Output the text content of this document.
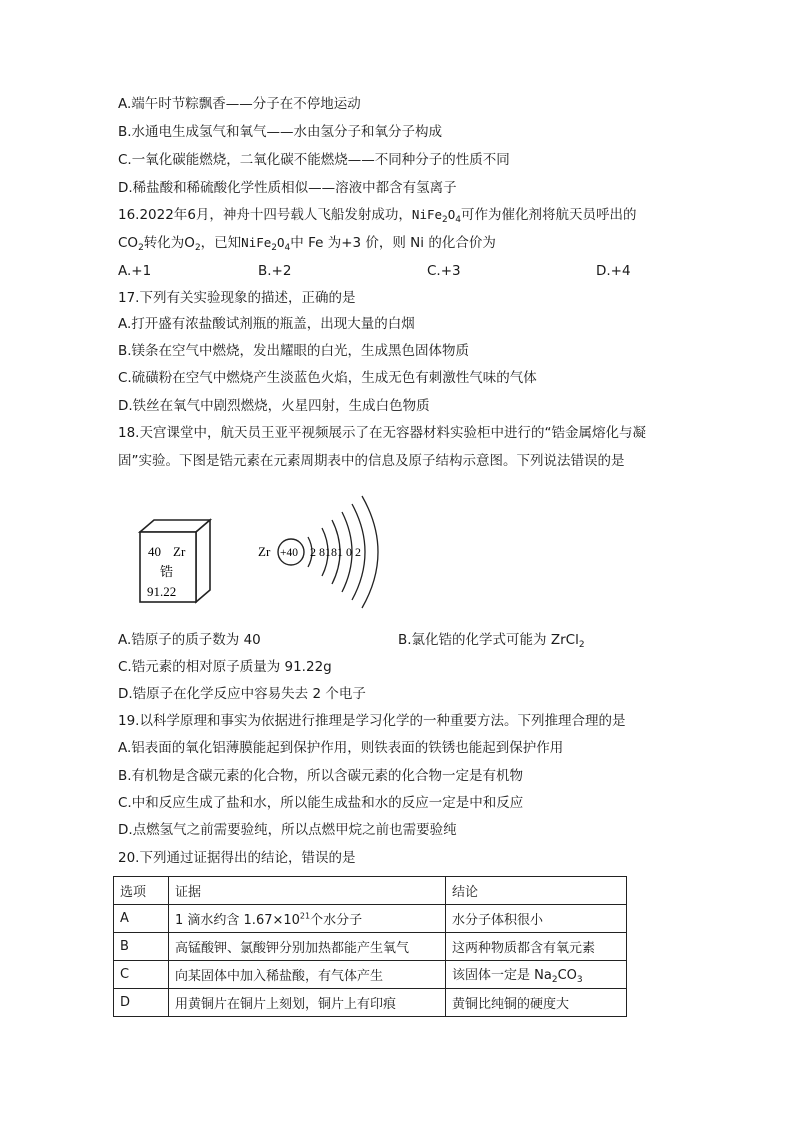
A.端午时节粽飘香——分子在不停地运动
B.水通电生成氢气和氧气——水由氢分子和氧分子构成
C.一氧化碳能燃烧，二氧化碳不能燃烧——不同种分子的性质不同
D.稀盐酸和稀硫酸化学性质相似——溶液中都含有氢离子
16.2022年6月，神舟十四号载人飞船发射成功，$NiFe_2O_4$可作为催化剂将航天员呼出的
$CO_2$转化为$O_2$，已知$NiFe_2O_4$中 Fe 为+3 价，则 Ni 的化合价为
A.+1	B.+2	C.+3	D.+4
17.下列有关实验现象的描述，正确的是
A.打开盛有浓盐酸试剂瓶的瓶盖，出现大量的白烟
B.镁条在空气中燃烧，发出耀眼的白光，生成黑色固体物质
C.硫磺粉在空气中燃烧产生淡蓝色火焰，生成无色有刺激性气味的气体
D.铁丝在氧气中剧烈燃烧，火星四射，生成白色物质
18.天宫课堂中，航天员王亚平视频展示了在无容器材料实验柜中进行的“锆金属熔化与凝
固”实验。下图是锆元素在元素周期表中的信息及原子结构示意图。下列说法错误的是
40 Zr
锆
91.22
Zr +40 2 8181 0 2
A.锆原子的质子数为 40	B.氯化锆的化学式可能为 ZrCl$_2$
C.锆元素的相对原子质量为 91.22g
D.锆原子在化学反应中容易失去 2 个电子
19.以科学原理和事实为依据进行推理是学习化学的一种重要方法。下列推理合理的是
A.铝表面的氧化铝薄膜能起到保护作用，则铁表面的铁锈也能起到保护作用
B.有机物是含碳元素的化合物，所以含碳元素的化合物一定是有机物
C.中和反应生成了盐和水，所以能生成盐和水的反应一定是中和反应
D.点燃氢气之前需要验纯，所以点燃甲烷之前也需要验纯
20.下列通过证据得出的结论，错误的是
选项	证据	结论
A	1 滴水约含 $1.67\times 10^{21}$个水分子	水分子体积很小
B	高锰酸钾、氯酸钾分别加热都能产生氧气	这两种物质都含有氧元素
C	向某固体中加入稀盐酸，有气体产生	该固体一定是 $Na_2CO_3$
D	用黄铜片在铜片上刻划，铜片上有印痕	黄铜比纯铜的硬度大
